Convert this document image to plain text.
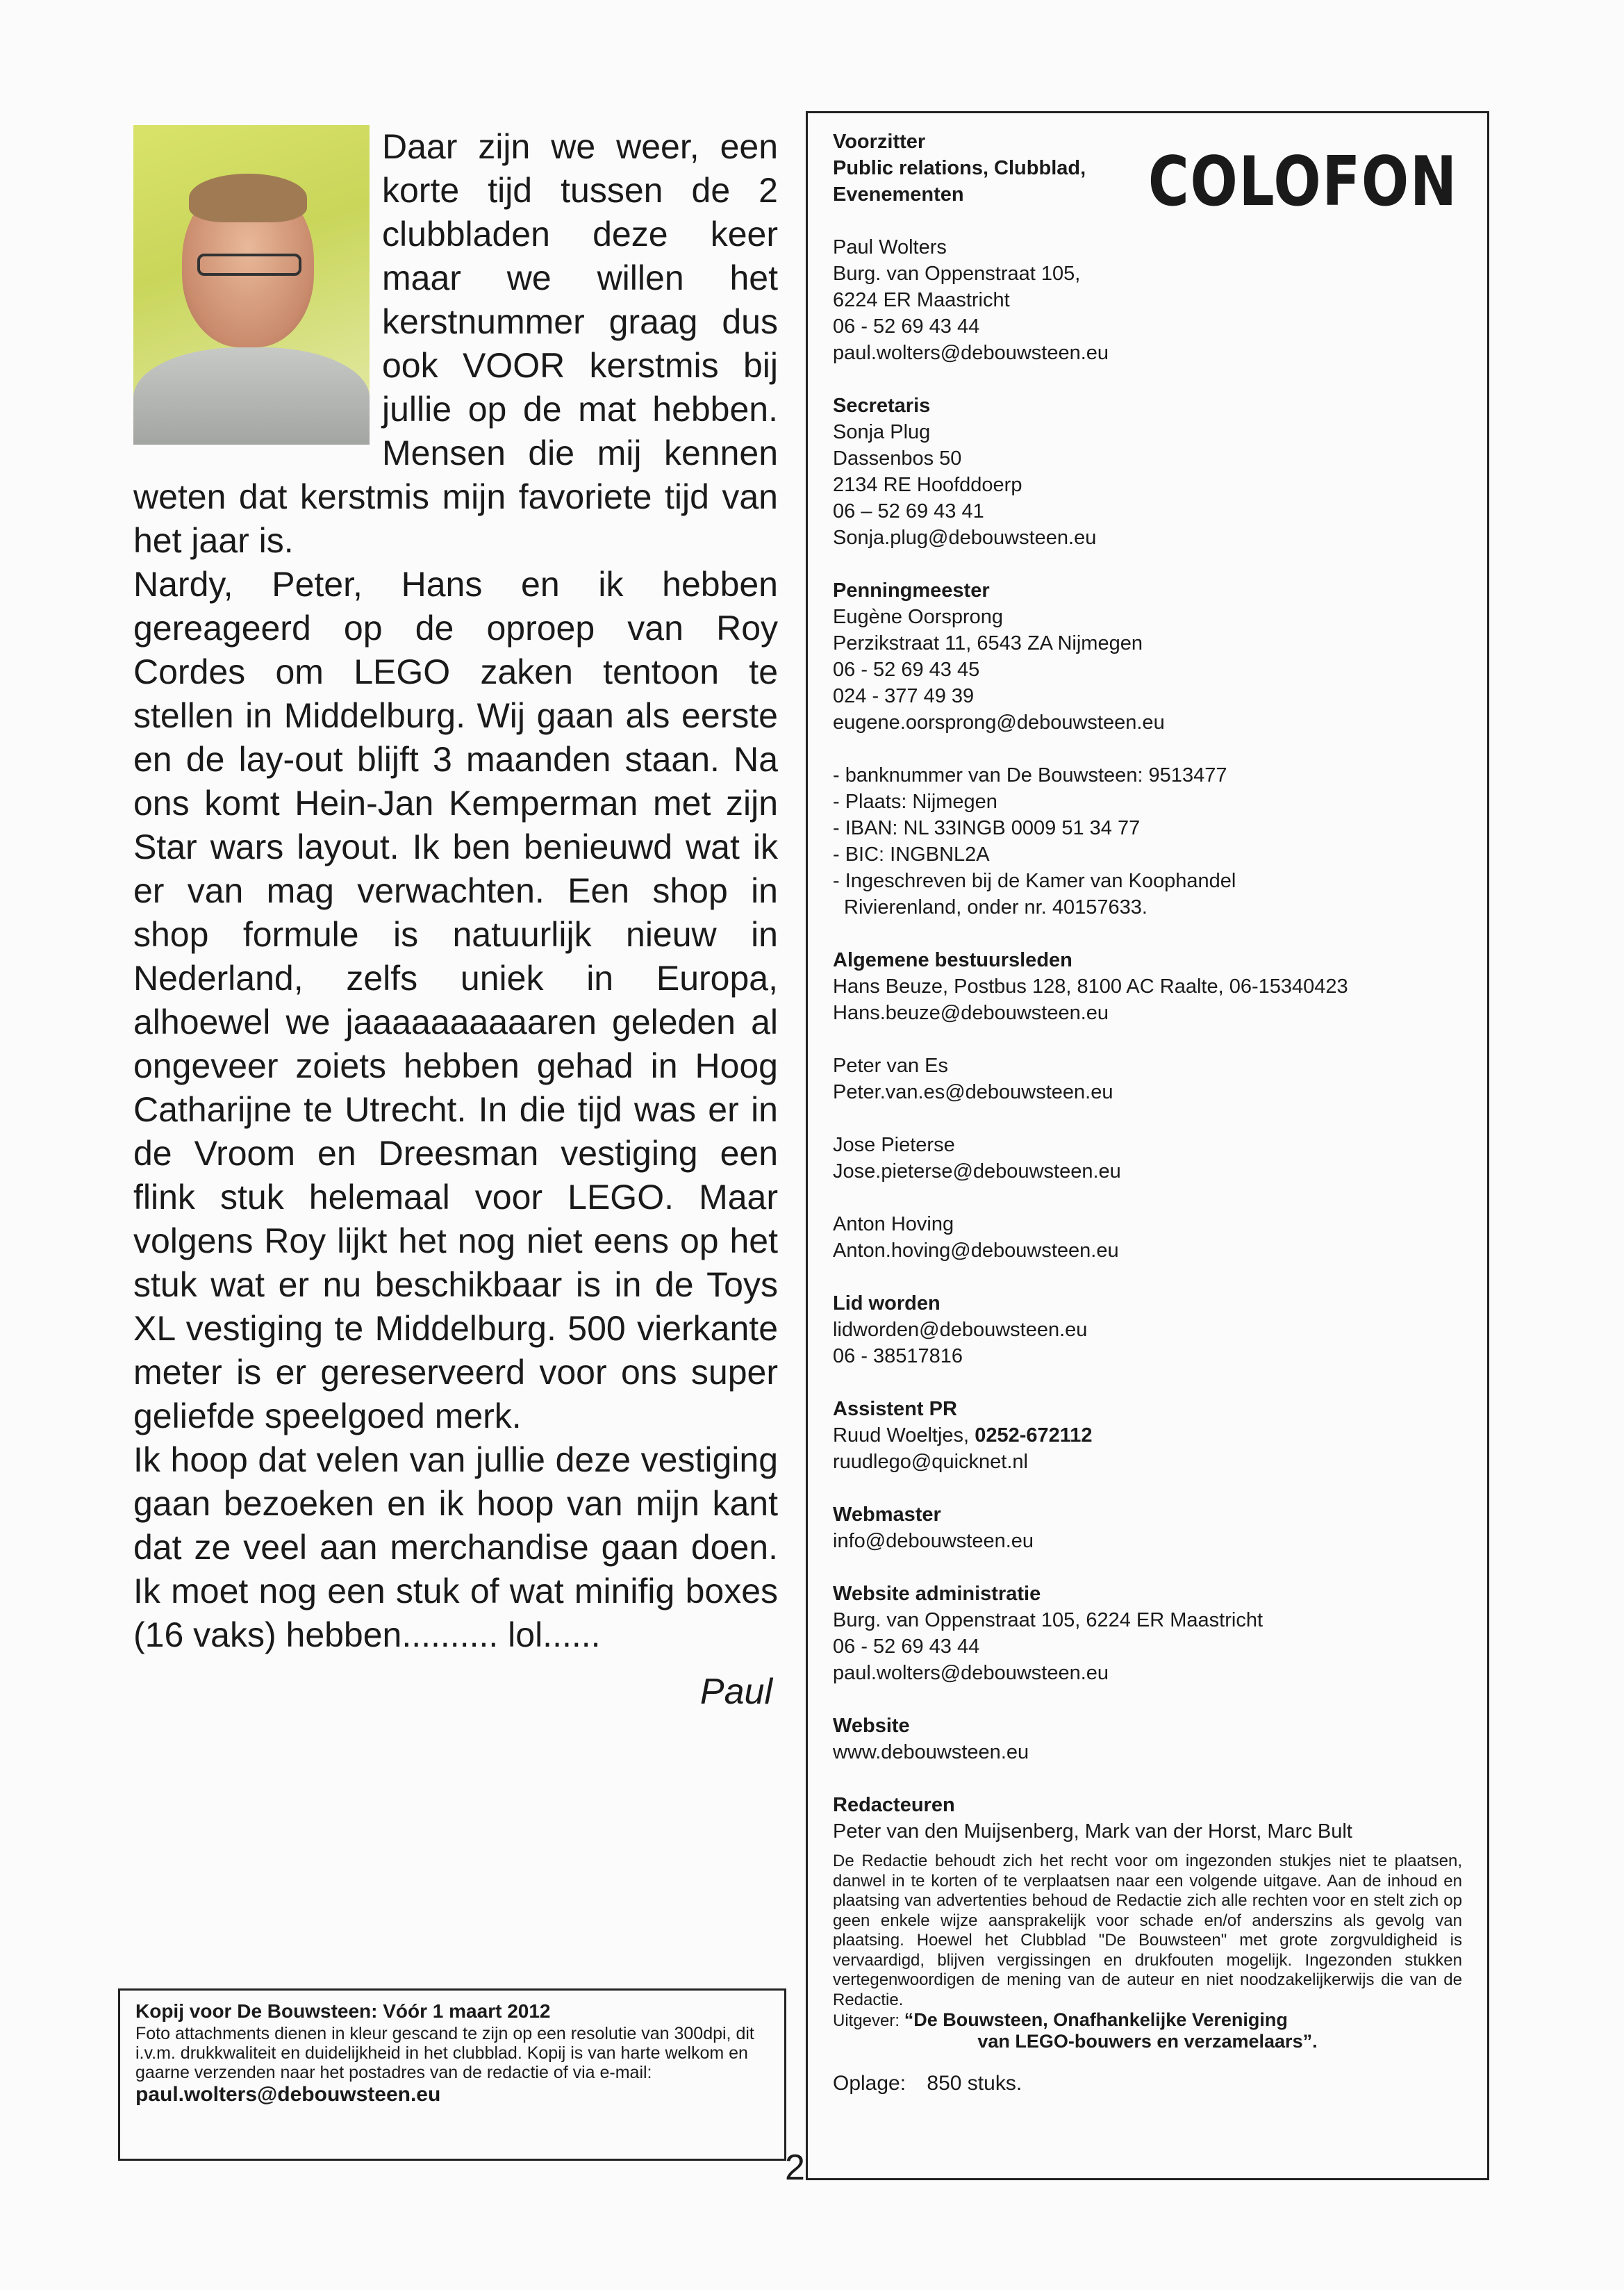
Daar zijn we weer, een korte tijd tussen de 2 clubbladen deze keer maar we willen het kerstnummer graag dus ook VOOR kerstmis bij jullie op de mat hebben. Mensen die mij kennen weten dat kerstmis mijn favoriete tijd van het jaar is.

Nardy, Peter, Hans en ik hebben gereageerd op de oproep van Roy Cordes om LEGO zaken tentoon te stellen in Middelburg. Wij gaan als eerste en de lay-out blijft 3 maanden staan. Na ons komt Hein-Jan Kemperman met zijn Star wars layout. Ik ben benieuwd wat ik er van mag verwachten. Een shop in shop formule is natuurlijk nieuw in Nederland, zelfs uniek in Europa, alhoewel we jaaaaaaaaaaren geleden al ongeveer zoiets hebben gehad in Hoog Catharijne te Utrecht. In die tijd was er in de Vroom en Dreesman vestiging een flink stuk helemaal voor LEGO. Maar volgens Roy lijkt het nog niet eens op het stuk wat er nu beschikbaar is in de Toys XL vestiging te Middelburg. 500 vierkante meter is er gereserveerd voor ons super geliefde speelgoed merk.

Ik hoop dat velen van jullie deze vestiging gaan bezoeken en ik hoop van mijn kant dat ze veel aan merchandise gaan doen. Ik moet nog een stuk of wat minifig boxes (16 vaks) hebben.......... lol......

Paul
Kopij voor De Bouwsteen: Vóór 1 maart 2012
Foto attachments dienen in kleur gescand te zijn op een resolutie van 300dpi, dit i.v.m. drukkwaliteit en duidelijkheid in het clubblad. Kopij is van harte welkom en gaarne verzenden naar het postadres van de redactie of via e-mail:
paul.wolters@debouwsteen.eu
COLOFON
Voorzitter
Public relations, Clubblad,
Evenementen
Paul Wolters
Burg. van Oppenstraat 105,
6224 ER Maastricht
06 - 52 69 43 44
paul.wolters@debouwsteen.eu
Secretaris
Sonja Plug
Dassenbos 50
2134 RE Hoofddoerp
06 – 52 69 43 41
Sonja.plug@debouwsteen.eu
Penningmeester
Eugène Oorsprong
Perzikstraat 11, 6543 ZA Nijmegen
06 - 52 69 43 45
024 - 377 49 39
eugene.oorsprong@debouwsteen.eu
- banknummer van De Bouwsteen: 9513477
- Plaats: Nijmegen
- IBAN: NL 33INGB 0009 51 34 77
- BIC: INGBNL2A
- Ingeschreven bij de Kamer van Koophandel
Rivierenland, onder nr. 40157633.
Algemene bestuursleden
Hans Beuze, Postbus 128, 8100 AC Raalte, 06-15340423
Hans.beuze@debouwsteen.eu
Peter van Es
Peter.van.es@debouwsteen.eu
Jose Pieterse
Jose.pieterse@debouwsteen.eu
Anton Hoving
Anton.hoving@debouwsteen.eu
Lid worden
lidworden@debouwsteen.eu
06 - 38517816
Assistent PR
Ruud Woeltjes, 0252-672112
ruudlego@quicknet.nl
Webmaster
info@debouwsteen.eu
Website administratie
Burg. van Oppenstraat 105, 6224 ER Maastricht
06 - 52 69 43 44
paul.wolters@debouwsteen.eu
Website
www.debouwsteen.eu
Redacteuren
Peter van den Muijsenberg, Mark van der Horst, Marc Bult
De Redactie behoudt zich het recht voor om ingezonden stukjes niet te plaatsen, danwel in te korten of te verplaatsen naar een volgende uitgave. Aan de inhoud en plaatsing van advertenties behoud de Redactie zich alle rechten voor en stelt zich op geen enkele wijze aansprakelijk voor schade en/of anderszins als gevolg van plaatsing. Hoewel het Clubblad "De Bouwsteen" met grote zorgvuldigheid is vervaardigd, blijven vergissingen en drukfouten mogelijk. Ingezonden stukken vertegenwoordigen de mening van de auteur en niet noodzakelijkerwijs die van de Redactie.
Uitgever: “De Bouwsteen, Onafhankelijke Vereniging
van LEGO-bouwers en verzamelaars”.
Oplage: 850 stuks.
2
